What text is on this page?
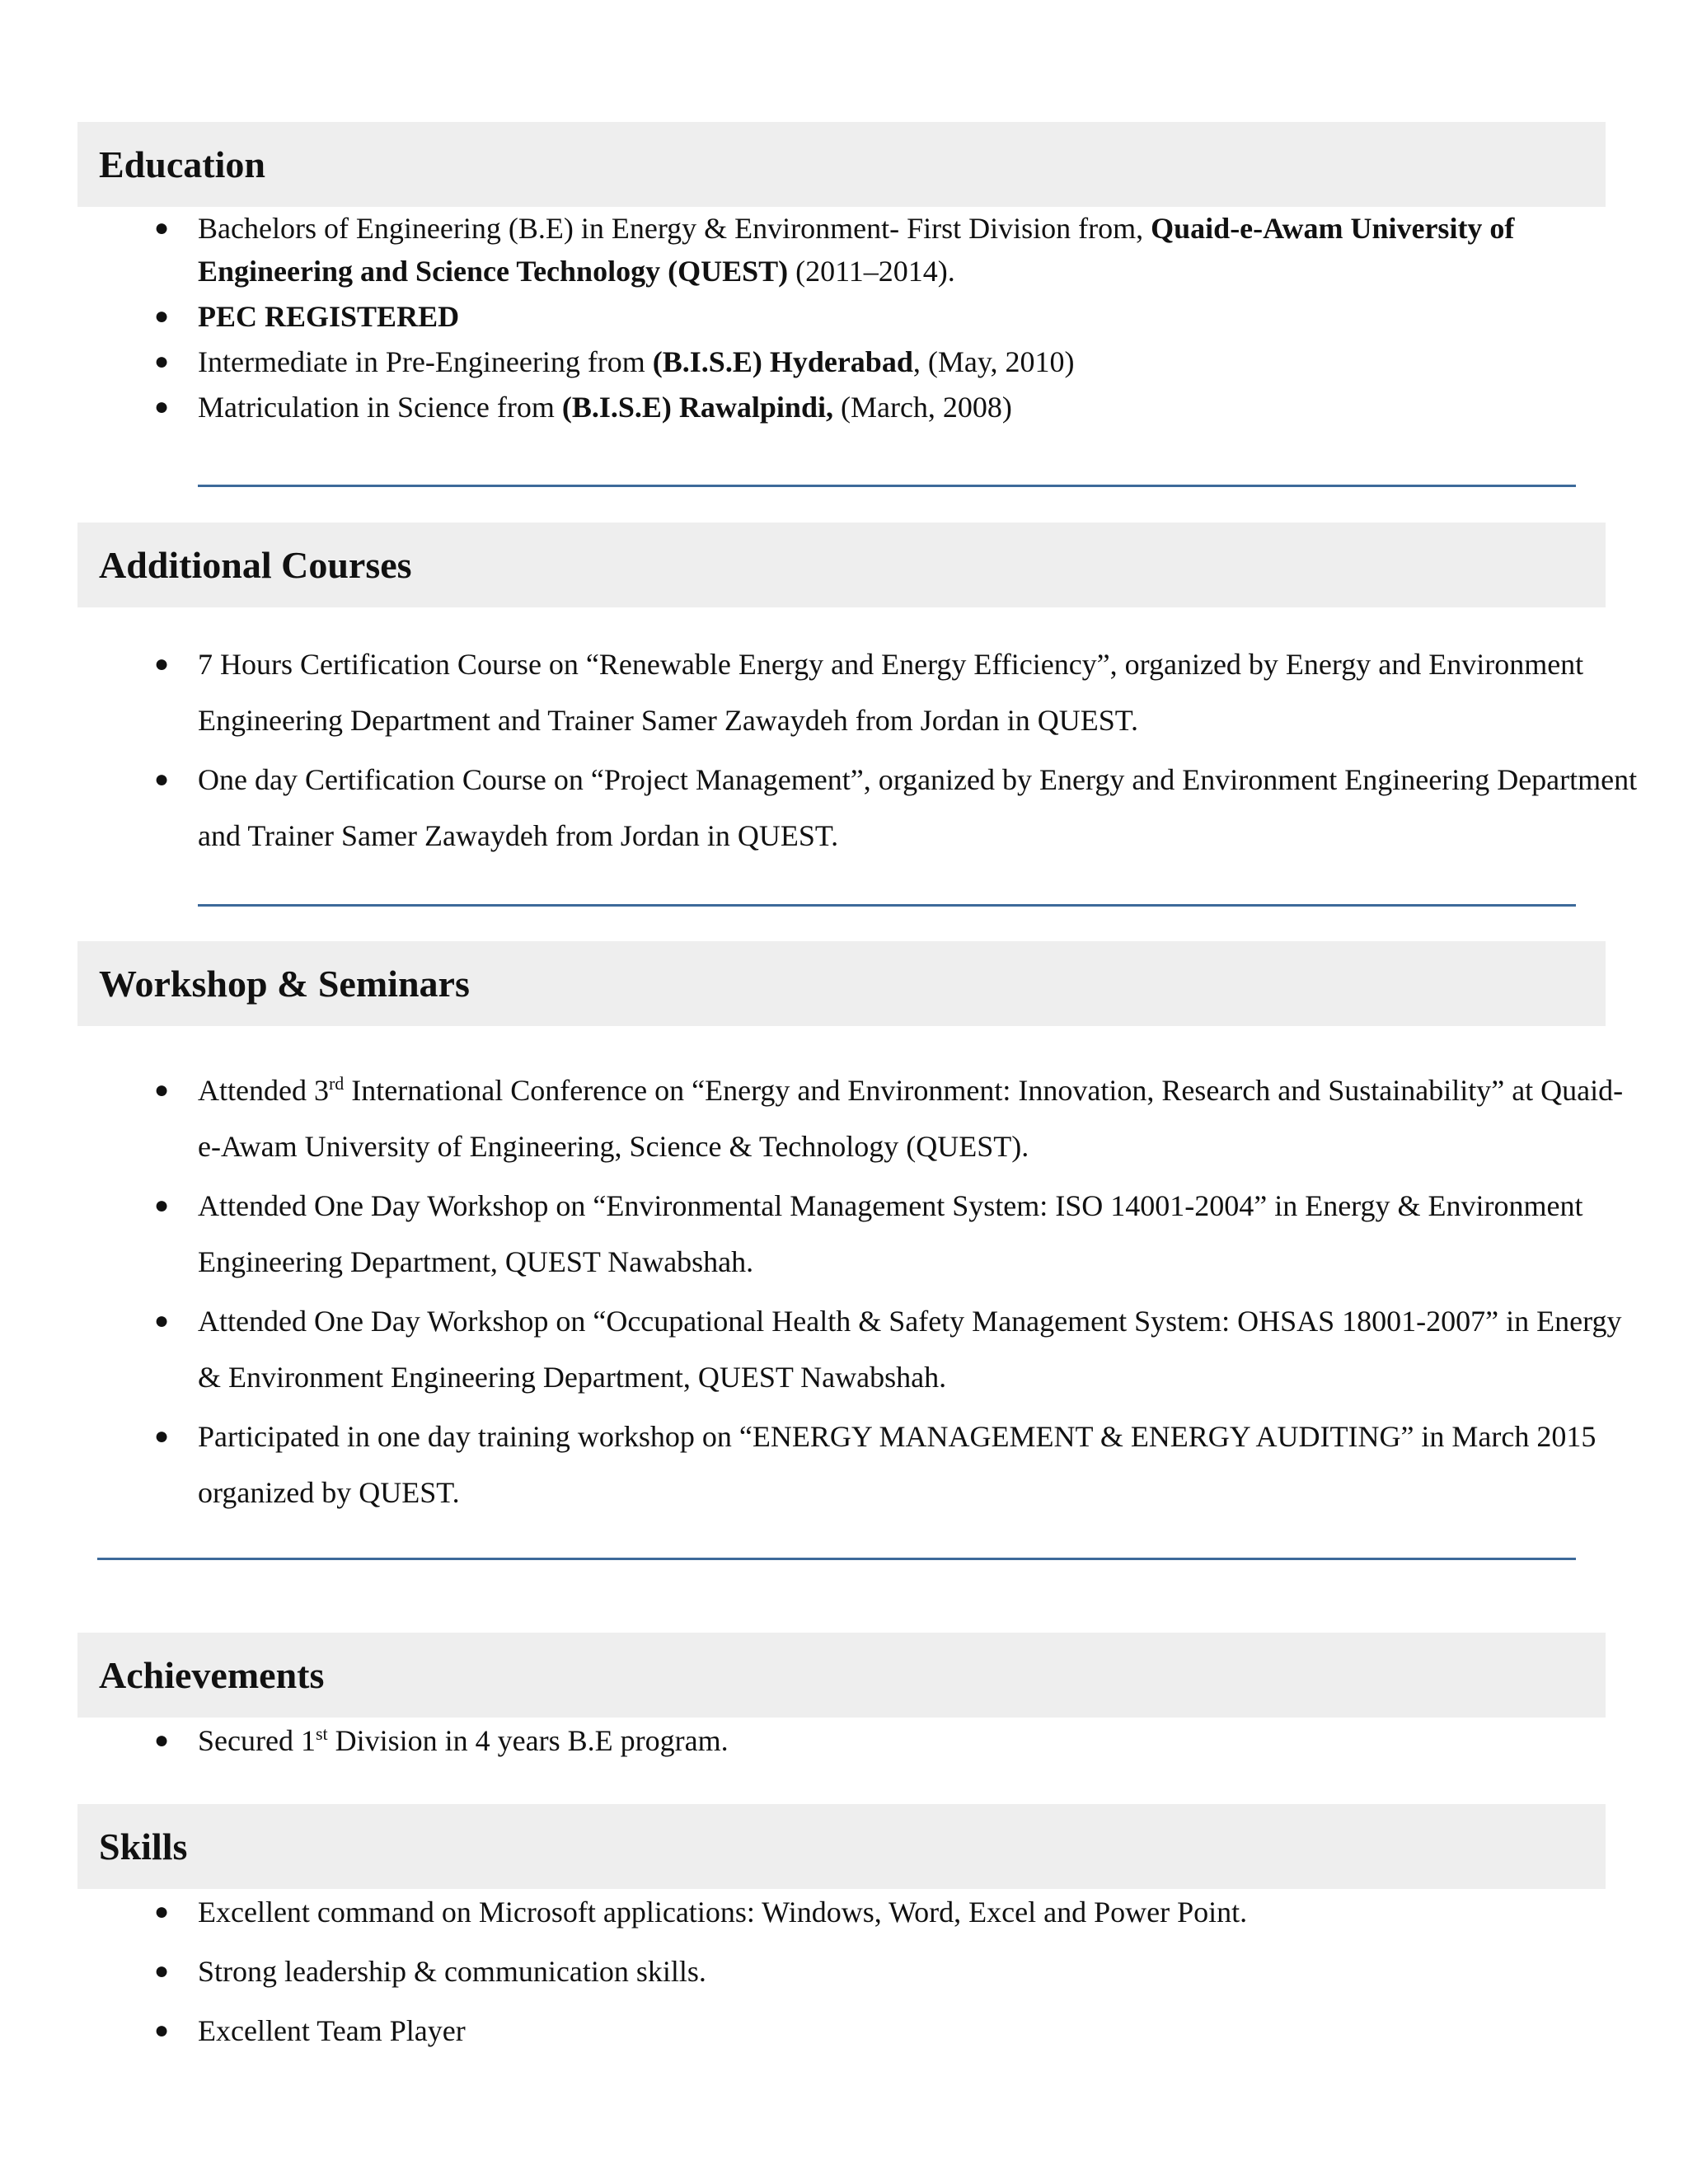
Education
● Bachelors of Engineering (B.E) in Energy & Environment- First Division from, Quaid-e-Awam University of Engineering and Science Technology (QUEST) (2011–2014).
● PEC REGISTERED
● Intermediate in Pre-Engineering from (B.I.S.E) Hyderabad, (May, 2010)
● Matriculation in Science from (B.I.S.E) Rawalpindi, (March, 2008)
Additional Courses
● 7 Hours Certification Course on “Renewable Energy and Energy Efficiency”, organized by Energy and Environment Engineering Department and Trainer Samer Zawaydeh from Jordan in QUEST.
● One day Certification Course on “Project Management”, organized by Energy and Environment Engineering Department and Trainer Samer Zawaydeh from Jordan in QUEST.
Workshop & Seminars
● Attended 3rd International Conference on “Energy and Environment: Innovation, Research and Sustainability” at Quaid-e-Awam University of Engineering, Science & Technology (QUEST).
● Attended One Day Workshop on “Environmental Management System: ISO 14001-2004” in Energy & Environment Engineering Department, QUEST Nawabshah.
● Attended One Day Workshop on “Occupational Health & Safety Management System: OHSAS 18001-2007” in Energy & Environment Engineering Department, QUEST Nawabshah.
● Participated in one day training workshop on “ENERGY MANAGEMENT & ENERGY AUDITING” in March 2015 organized by QUEST.
Achievements
● Secured 1st Division in 4 years B.E program.
Skills
● Excellent command on Microsoft applications: Windows, Word, Excel and Power Point.
● Strong leadership & communication skills.
● Excellent Team Player
